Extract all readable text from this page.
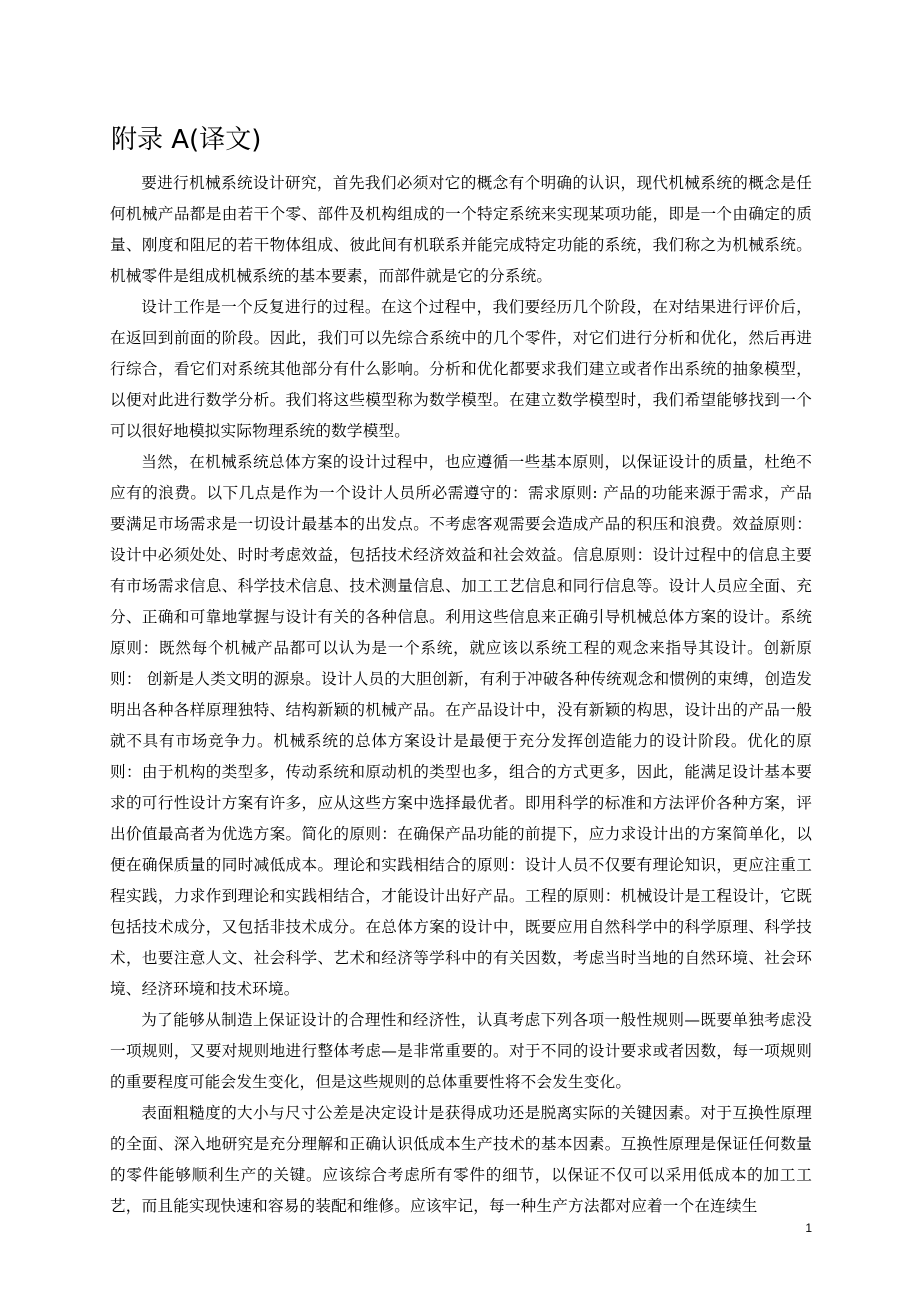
附录 A(译文)

要进行机械系统设计研究，首先我们必须对它的概念有个明确的认识，现代机械系统的概念是任何机械产品都是由若干个零、部件及机构组成的一个特定系统来实现某项功能，即是一个由确定的质量、刚度和阻尼的若干物体组成、彼此间有机联系并能完成特定功能的系统，我们称之为机械系统。机械零件是组成机械系统的基本要素，而部件就是它的分系统。

设计工作是一个反复进行的过程。在这个过程中，我们要经历几个阶段，在对结果进行评价后，在返回到前面的阶段。因此，我们可以先综合系统中的几个零件，对它们进行分析和优化，然后再进行综合，看它们对系统其他部分有什么影响。分析和优化都要求我们建立或者作出系统的抽象模型，以便对此进行数学分析。我们将这些模型称为数学模型。在建立数学模型时，我们希望能够找到一个可以很好地模拟实际物理系统的数学模型。

当然，在机械系统总体方案的设计过程中，也应遵循一些基本原则，以保证设计的质量，杜绝不应有的浪费。以下几点是作为一个设计人员所必需遵守的：需求原则: 产品的功能来源于需求，产品要满足市场需求是一切设计最基本的出发点。不考虑客观需要会造成产品的积压和浪费。效益原则：设计中必须处处、时时考虑效益，包括技术经济效益和社会效益。信息原则：设计过程中的信息主要有市场需求信息、科学技术信息、技术测量信息、加工工艺信息和同行信息等。设计人员应全面、充分、正确和可靠地掌握与设计有关的各种信息。利用这些信息来正确引导机械总体方案的设计。系统原则：既然每个机械产品都可以认为是一个系统，就应该以系统工程的观念来指导其设计。创新原则： 创新是人类文明的源泉。设计人员的大胆创新，有利于冲破各种传统观念和惯例的束缚，创造发明出各种各样原理独特、结构新颖的机械产品。在产品设计中，没有新颖的构思，设计出的产品一般就不具有市场竞争力。机械系统的总体方案设计是最便于充分发挥创造能力的设计阶段。优化的原则：由于机构的类型多，传动系统和原动机的类型也多，组合的方式更多，因此，能满足设计基本要求的可行性设计方案有许多，应从这些方案中选择最优者。即用科学的标准和方法评价各种方案，评出价值最高者为优选方案。简化的原则：在确保产品功能的前提下，应力求设计出的方案简单化，以便在确保质量的同时减低成本。理论和实践相结合的原则：设计人员不仅要有理论知识，更应注重工程实践，力求作到理论和实践相结合，才能设计出好产品。工程的原则：机械设计是工程设计，它既包括技术成分，又包括非技术成分。在总体方案的设计中，既要应用自然科学中的科学原理、科学技术，也要注意人文、社会科学、艺术和经济等学科中的有关因数，考虑当时当地的自然环境、社会环境、经济环境和技术环境。

为了能够从制造上保证设计的合理性和经济性，认真考虑下列各项一般性规则—既要单独考虑没一项规则，又要对规则地进行整体考虑—是非常重要的。对于不同的设计要求或者因数，每一项规则的重要程度可能会发生变化，但是这些规则的总体重要性将不会发生变化。

表面粗糙度的大小与尺寸公差是决定设计是获得成功还是脱离实际的关键因素。对于互换性原理的全面、深入地研究是充分理解和正确认识低成本生产技术的基本因素。互换性原理是保证任何数量的零件能够顺利生产的关键。应该综合考虑所有零件的细节，以保证不仅可以采用低成本的加工工艺，而且能实现快速和容易的装配和维修。应该牢记，每一种生产方法都对应着一个在连续生

1
